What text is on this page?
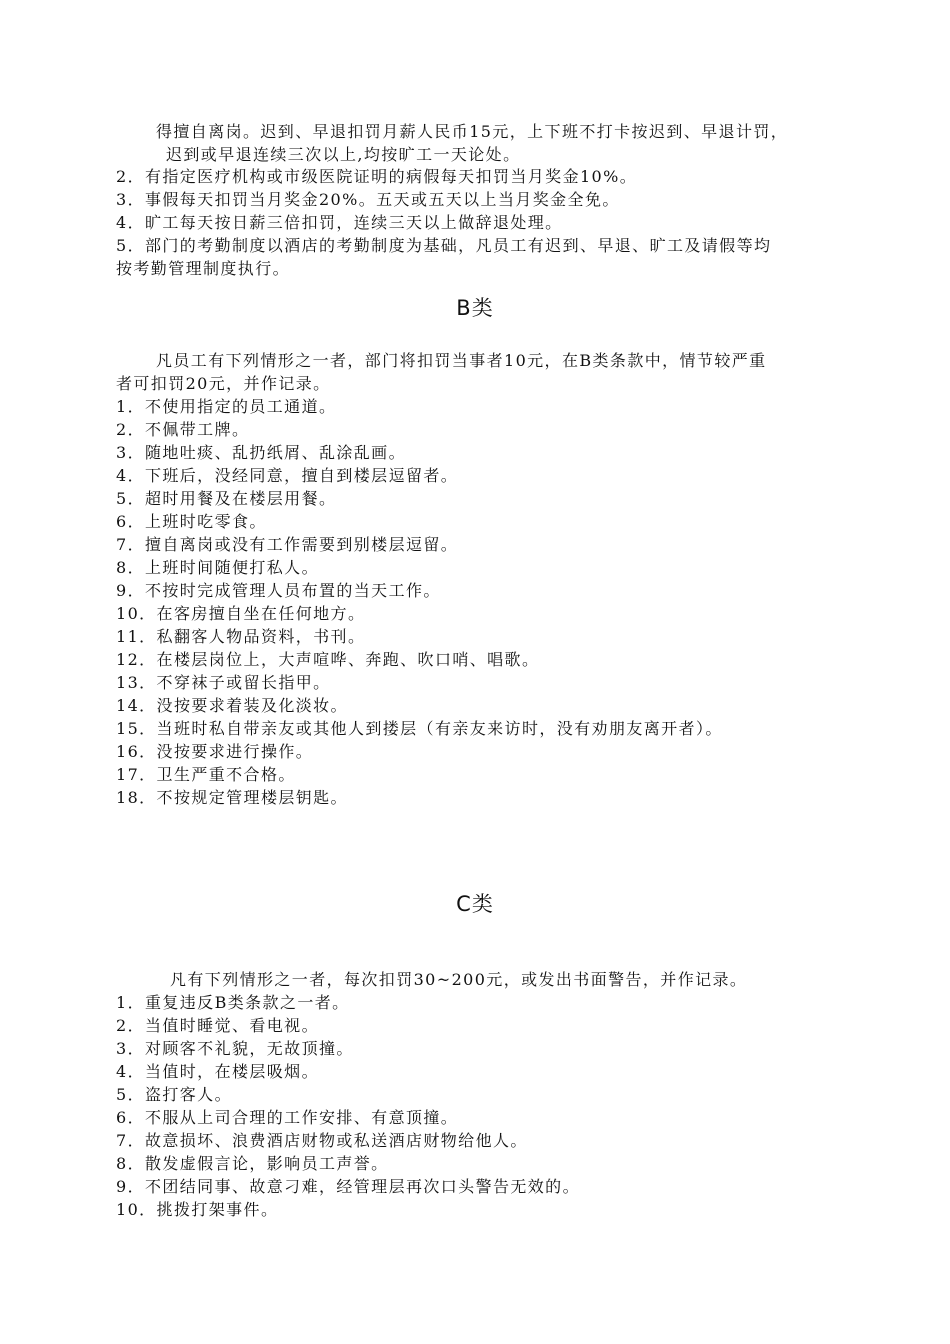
得擅自离岗。迟到、早退扣罚月薪人民币15元，上下班不打卡按迟到、早退计罚，
迟到或早退连续三次以上,均按旷工一天论处。
2．有指定医疗机构或市级医院证明的病假每天扣罚当月奖金10%。
3．事假每天扣罚当月奖金20%。五天或五天以上当月奖金全免。
4．旷工每天按日薪三倍扣罚，连续三天以上做辞退处理。
5．部门的考勤制度以酒店的考勤制度为基础，凡员工有迟到、早退、旷工及请假等均
按考勤管理制度执行。
B类
凡员工有下列情形之一者，部门将扣罚当事者10元，在B类条款中，情节较严重
者可扣罚20元，并作记录。
1．不使用指定的员工通道。
2．不佩带工牌。
3．随地吐痰、乱扔纸屑、乱涂乱画。
4．下班后，没经同意，擅自到楼层逗留者。
5．超时用餐及在楼层用餐。
6．上班时吃零食。
7．擅自离岗或没有工作需要到别楼层逗留。
8．上班时间随便打私人。
9．不按时完成管理人员布置的当天工作。
10．在客房擅自坐在任何地方。
11．私翻客人物品资料，书刊。
12．在楼层岗位上，大声喧哗、奔跑、吹口哨、唱歌。
13．不穿袜子或留长指甲。
14．没按要求着装及化淡妆。
15．当班时私自带亲友或其他人到搂层（有亲友来访时，没有劝朋友离开者）。
16．没按要求进行操作。
17．卫生严重不合格。
18．不按规定管理楼层钥匙。
C类
凡有下列情形之一者，每次扣罚30~200元，或发出书面警告，并作记录。
1．重复违反B类条款之一者。
2．当值时睡觉、看电视。
3．对顾客不礼貌，无故顶撞。
4．当值时，在楼层吸烟。
5．盗打客人。
6．不服从上司合理的工作安排、有意顶撞。
7．故意损坏、浪费酒店财物或私送酒店财物给他人。
8．散发虚假言论，影响员工声誉。
9．不团结同事、故意刁难，经管理层再次口头警告无效的。
10．挑拨打架事件。
